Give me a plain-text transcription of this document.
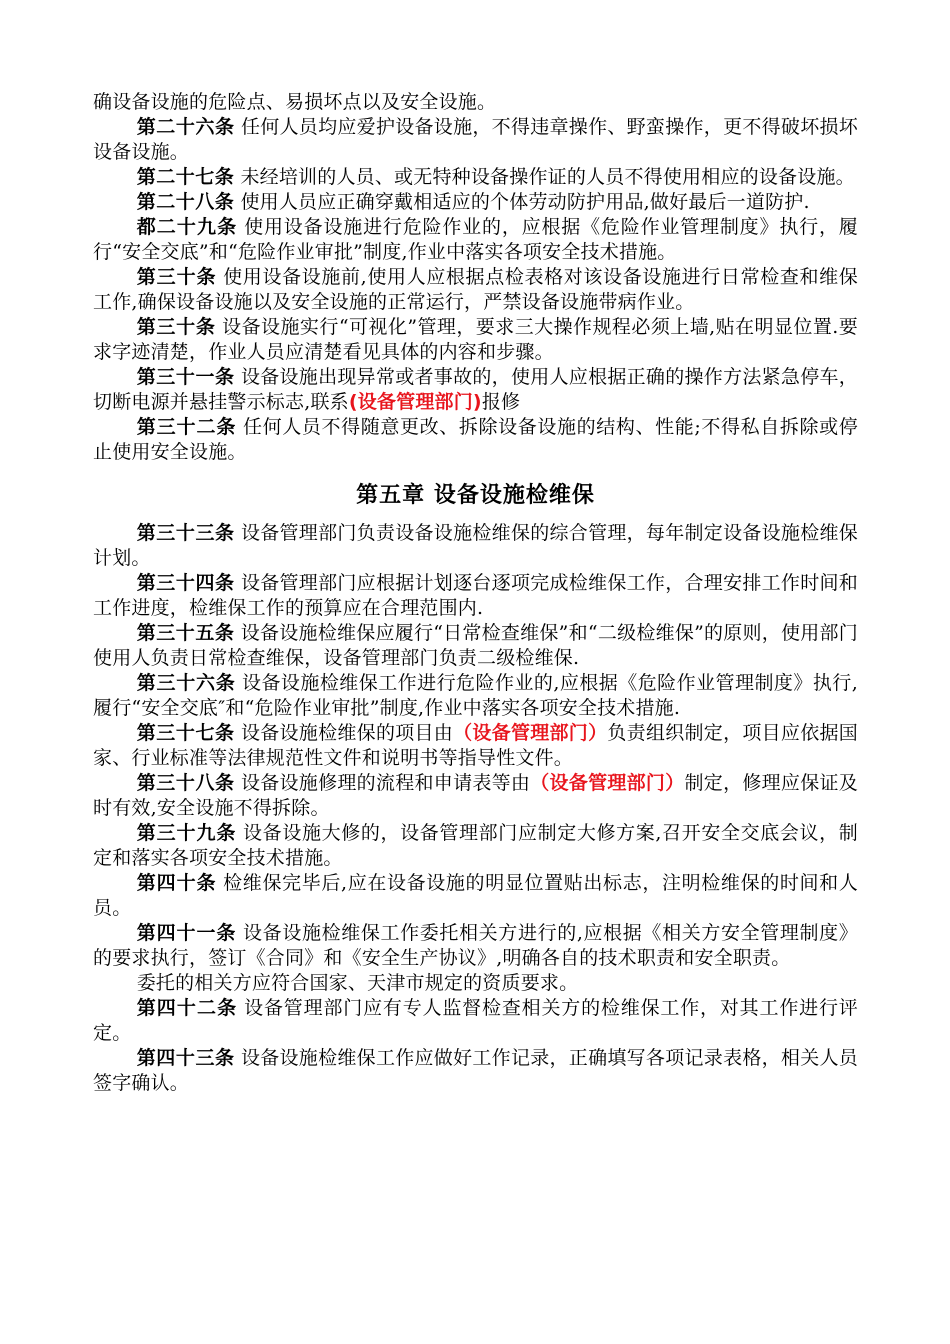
确设备设施的危险点、易损坏点以及安全设施。

第二十六条 任何人员均应爱护设备设施，不得违章操作、野蛮操作，更不得破坏损坏设备设施。

第二十七条 未经培训的人员、或无特种设备操作证的人员不得使用相应的设备设施。

第二十八条 使用人员应正确穿戴相适应的个体劳动防护用品,做好最后一道防护.

都二十九条 使用设备设施进行危险作业的，应根据《危险作业管理制度》执行，履行“安全交底”和“危险作业审批”制度,作业中落实各项安全技术措施。

第三十条 使用设备设施前,使用人应根据点检表格对该设备设施进行日常检查和维保工作,确保设备设施以及安全设施的正常运行，严禁设备设施带病作业。

第三十条 设备设施实行“可视化”管理，要求三大操作规程必须上墙,贴在明显位置.要求字迹清楚，作业人员应清楚看见具体的内容和步骤。

第三十一条 设备设施出现异常或者事故的，使用人应根据正确的操作方法紧急停车，切断电源并悬挂警示标志,联系(设备管理部门)报修

第三十二条 任何人员不得随意更改、拆除设备设施的结构、性能;不得私自拆除或停止使用安全设施。

第五章 设备设施检维保

第三十三条 设备管理部门负责设备设施检维保的综合管理，每年制定设备设施检维保计划。

第三十四条 设备管理部门应根据计划逐台逐项完成检维保工作，合理安排工作时间和工作进度，检维保工作的预算应在合理范围内.

第三十五条 设备设施检维保应履行“日常检查维保”和“二级检维保”的原则，使用部门使用人负责日常检查维保，设备管理部门负责二级检维保.

第三十六条 设备设施检维保工作进行危险作业的,应根据《危险作业管理制度》执行,履行“安全交底″和“危险作业审批”制度,作业中落实各项安全技术措施.

第三十七条 设备设施检维保的项目由（设备管理部门）负责组织制定，项目应依据国家、行业标准等法律规范性文件和说明书等指导性文件。

第三十八条 设备设施修理的流程和申请表等由（设备管理部门）制定，修理应保证及时有效,安全设施不得拆除。

第三十九条 设备设施大修的，设备管理部门应制定大修方案,召开安全交底会议，制定和落实各项安全技术措施。

第四十条 检维保完毕后,应在设备设施的明显位置贴出标志，注明检维保的时间和人员。

第四十一条 设备设施检维保工作委托相关方进行的,应根据《相关方安全管理制度》的要求执行，签订《合同》和《安全生产协议》,明确各自的技术职责和安全职责。

委托的相关方应符合国家、天津市规定的资质要求。

第四十二条 设备管理部门应有专人监督检查相关方的检维保工作，对其工作进行评定。

第四十三条 设备设施检维保工作应做好工作记录，正确填写各项记录表格，相关人员签字确认。
